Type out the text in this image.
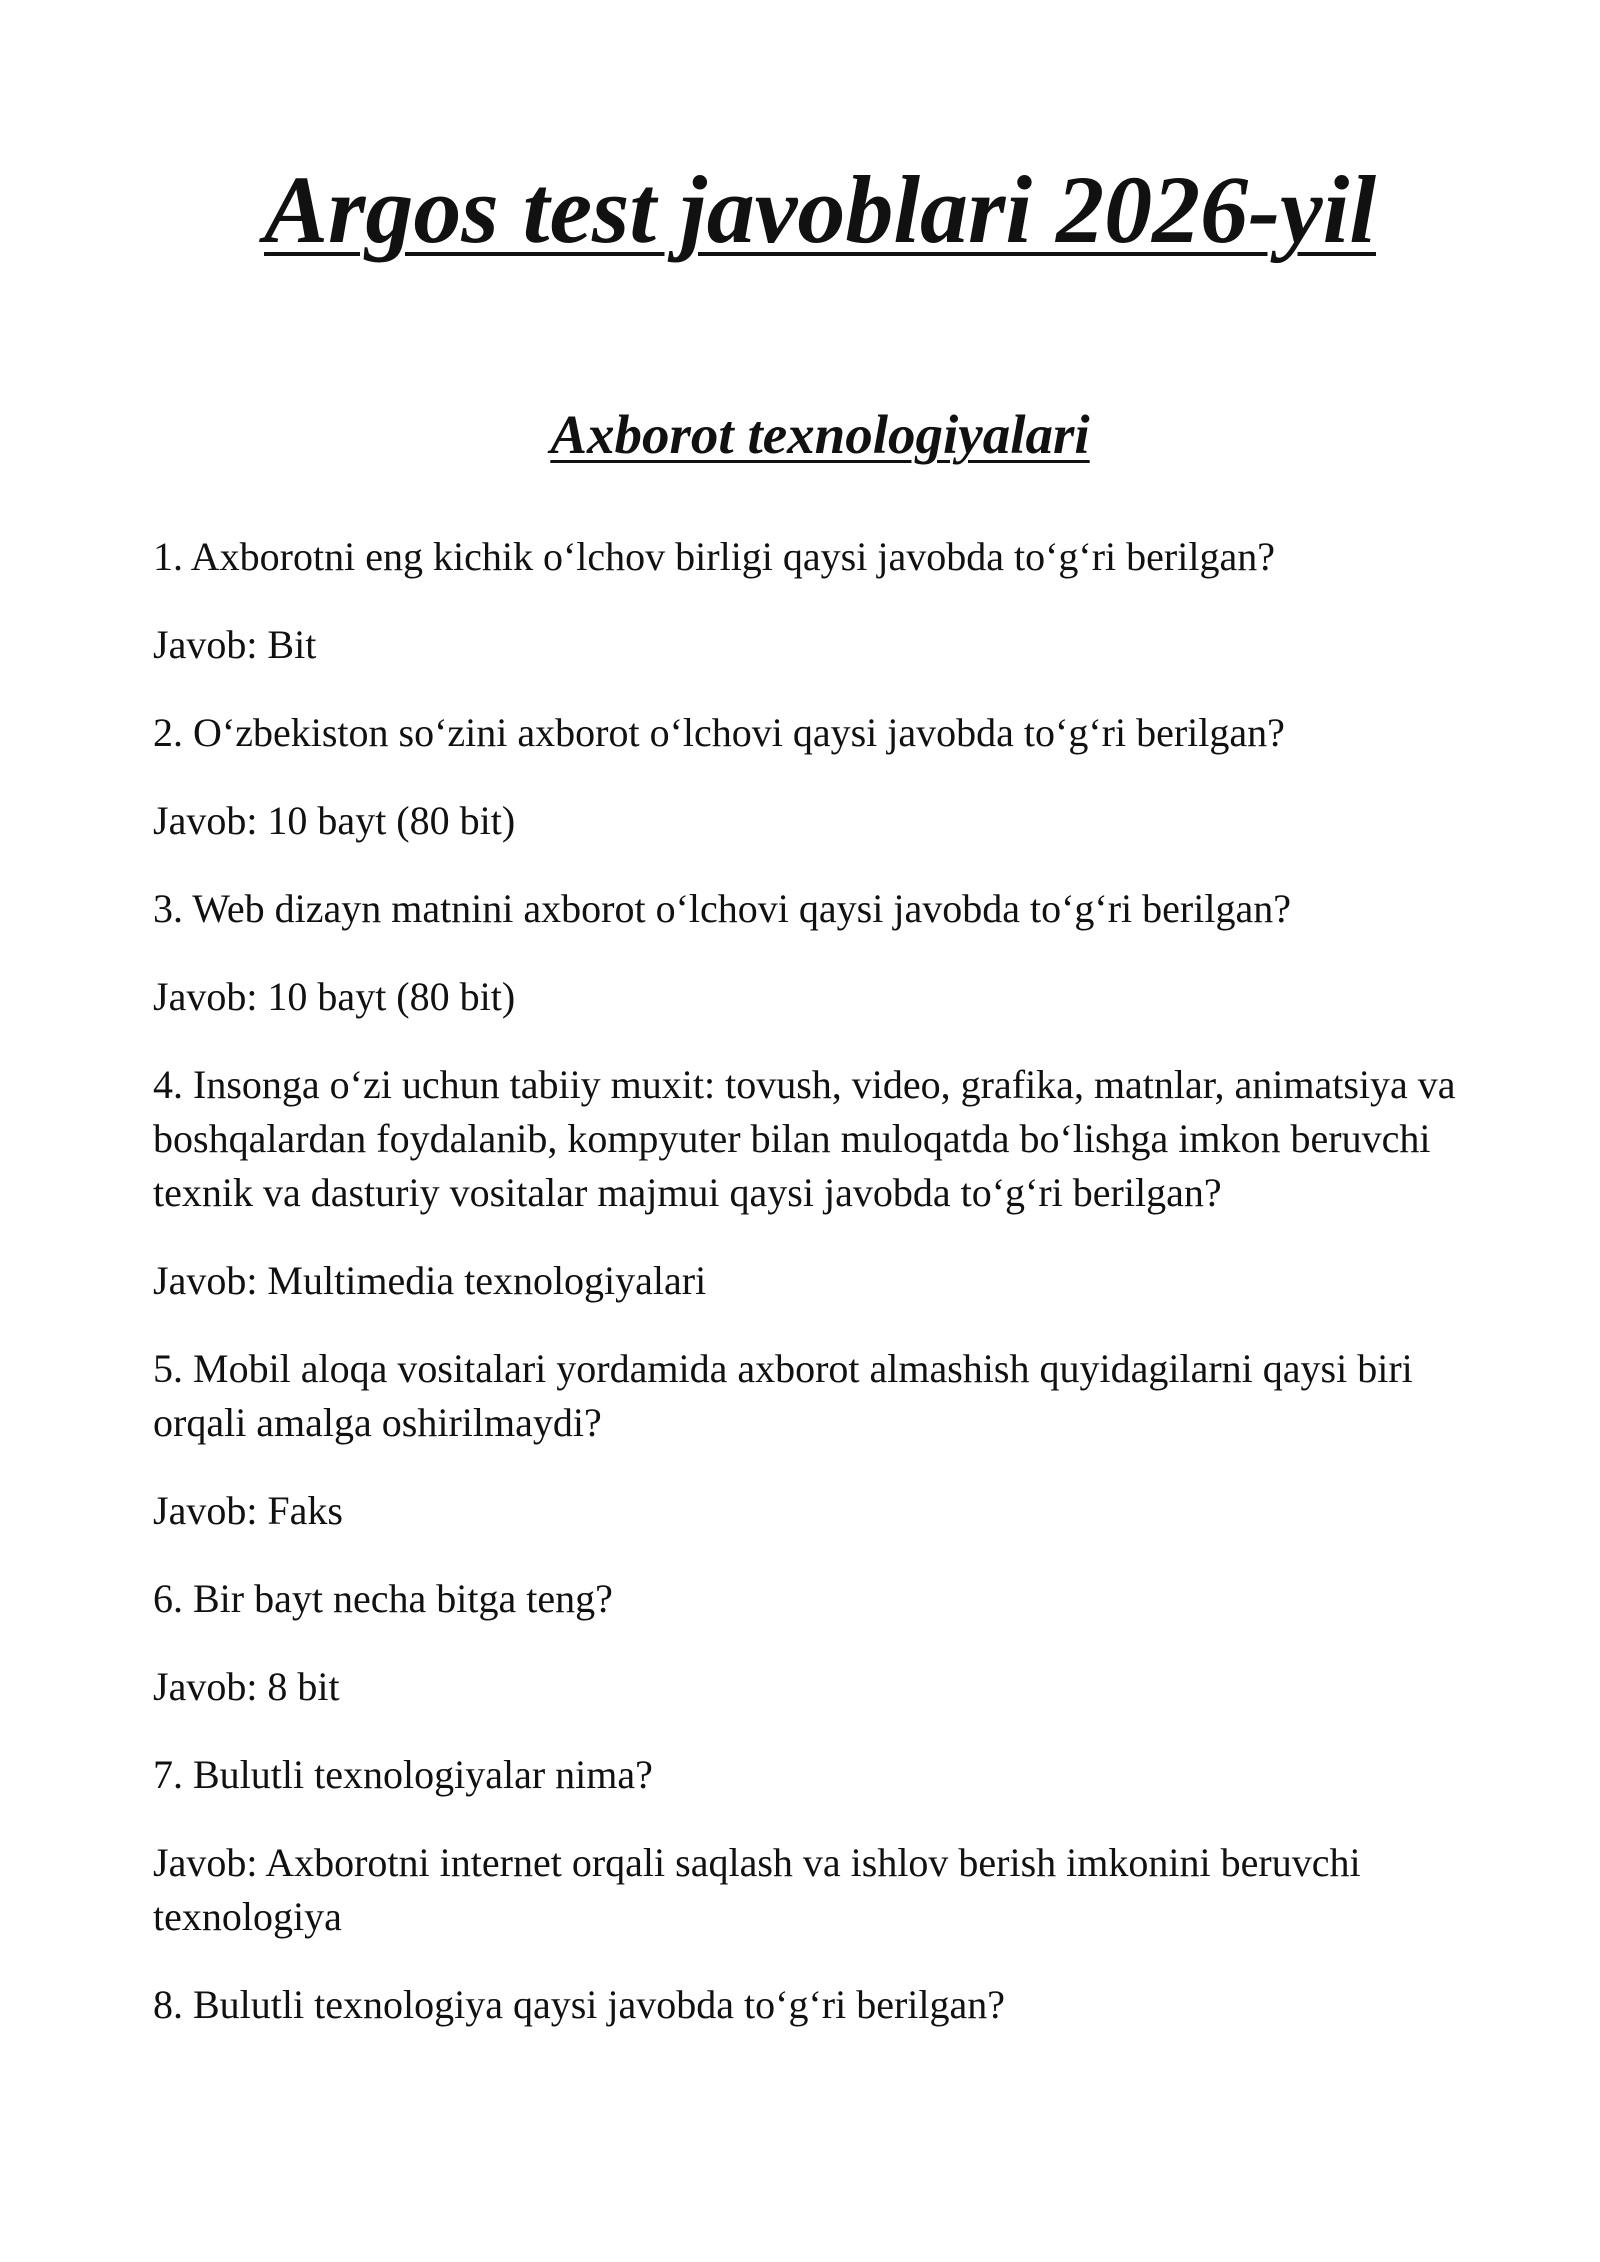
Argos test javoblari 2026-yil
Axborot texnologiyalari

1. Axborotni eng kichik o‘lchov birligi qaysi javobda to‘g‘ri berilgan?

Javob: Bit

2. O‘zbekiston so‘zini axborot o‘lchovi qaysi javobda to‘g‘ri berilgan?

Javob: 10 bayt (80 bit)

3. Web dizayn matnini axborot o‘lchovi qaysi javobda to‘g‘ri berilgan?

Javob: 10 bayt (80 bit)

4. Insonga o‘zi uchun tabiiy muxit: tovush, video, grafika, matnlar, animatsiya va boshqalardan foydalanib, kompyuter bilan muloqatda bo‘lishga imkon beruvchi texnik va dasturiy vositalar majmui qaysi javobda to‘g‘ri berilgan?

Javob: Multimedia texnologiyalari

5. Mobil aloqa vositalari yordamida axborot almashish quyidagilarni qaysi biri orqali amalga oshirilmaydi?

Javob: Faks

6. Bir bayt necha bitga teng?

Javob: 8 bit

7. Bulutli texnologiyalar nima?

Javob: Axborotni internet orqali saqlash va ishlov berish imkonini beruvchi texnologiya

8. Bulutli texnologiya qaysi javobda to‘g‘ri berilgan?
